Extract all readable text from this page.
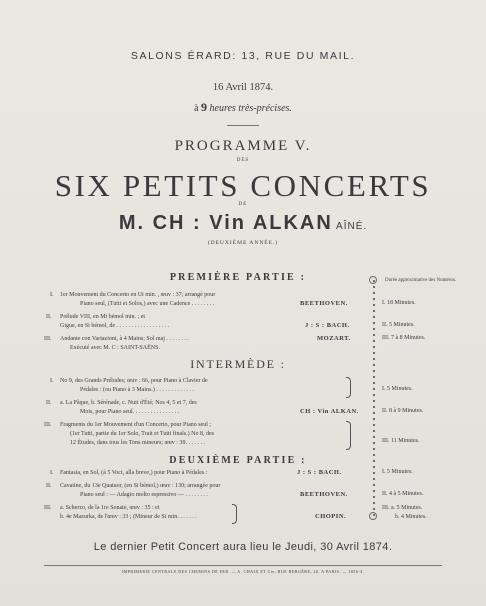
SALONS ÉRARD: 13, RUE DU MAIL.
16 Avril 1874.
à 9 heures très-précises.
PROGRAMME V.
DES
SIX PETITS CONCERTS
DE
M. CH : Vin ALKAN AÎNÉ.
(DEUXIÈME ANNÉE.)
Durée approximative des Numéros.
PREMIÈRE PARTIE :
I. 1er Mouvement du Concerto en Ut min. , œuv : 37; arrangé pour
Piano seul, (Tutti et Solos,) avec une Cadence . . . . . . . .	BEETHOVEN.	I. 18 Minutes.
II. Prélude VIII, en Mi bémol min. ; et
Gigue, en Si bémol, de . . . . . . . . . . . . . . . . . .	J : S : BACH.	II. 5 Minutes.
III. Andante con Variazioni, à 4 Mains; Sol maj . . . . . . . .
Exécuté avec M. C : SAINT-SAËNS.
MOZART.	III. 7 à 8 Minutes.
INTERMÈDE :
I. No 9, des Grands Préludes; œuv : 66, pour Piano à Clavier de
Pédales : (ou Piano à 3 Mains.) . . . . . . . . . . . . .	I. 5 Minutes.
II. a. La Pâque, b. Sérénade, c. Nuit d'Été; Nos 4, 5 et 7, des
Mois, pour Piano seul. . . . . . . . . . . . . . . .	CH : Vin ALKAN.	II. 8 à 9 Minutes.
III. Fragments du 1er Mouvement d'un Concerto, pour Piano seul ;
(1er Tutti, partie du 1er Solo, Trait et Tutti finals.) No 8, des
12 Études, dans tous les Tons mineurs; œuv : 39. . . . . . .	III. 11 Minutes.
DEUXIÈME PARTIE :
I. Fantasia, en Sol, (à 5 Voci, alla breve,) pour Piano à Pédales :	J : S : BACH.	I. 5 Minutes.
II. Cavatine, du 13e Quatuor, (en Si bémol,) œuv : 130; arrangée pour
Piano seul : — Adagio molto espressivo — . . . . . . . .	BEETHOVEN.	II. 4 à 5 Minutes.
III. a. Scherzo, de la 1re Sonate, œuv : 35 : et
b. 4e Mazurka, de l'œuv : 33 ; (Mineur de Si min. . . . . . .	CHOPIN.
III. a. 5 Minutes.
b. 4 Minutes.
Le dernier Petit Concert aura lieu le Jeudi, 30 Avril 1874.
IMPRIMERIE CENTRALE DES CHEMINS DE FER. — A. CHAIX ET Cie, RUE BERGÈRE, 20, A PARIS. — 3856-4.
